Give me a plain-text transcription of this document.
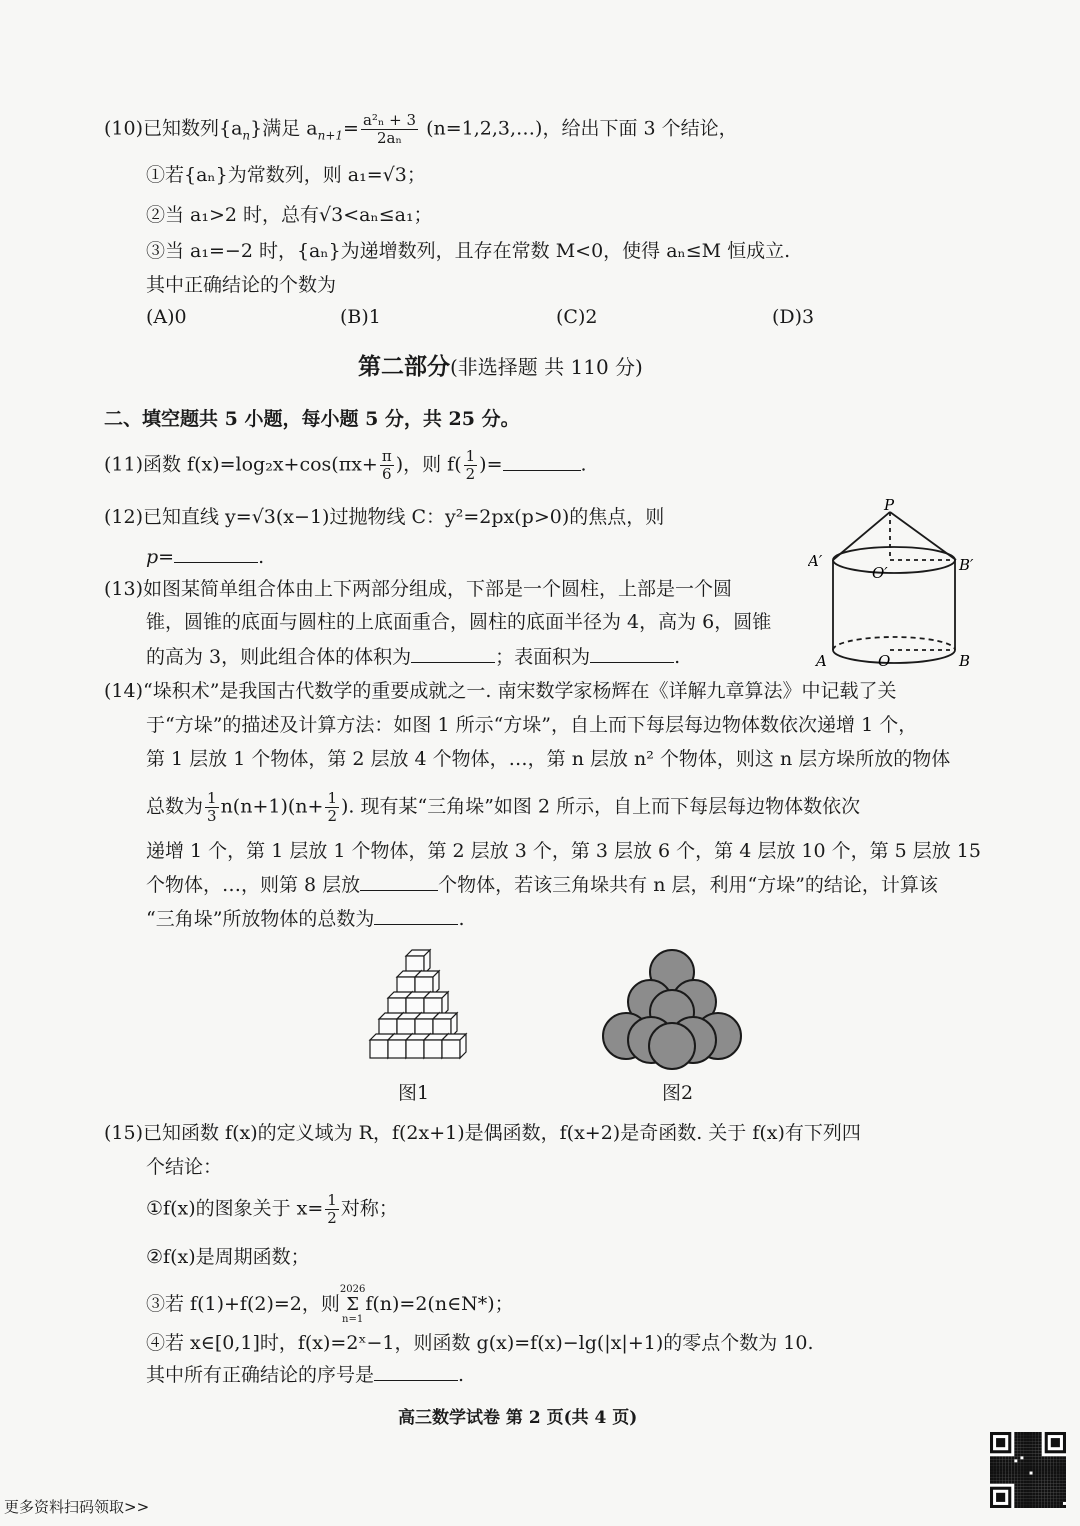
(10)已知数列$\{a_n\}$满足 $a_{n+1}= \frac{\text{a²ₙ + 3}}{\text{2aₙ}}$ (n=1,2,3,…)，给出下面 3 个结论，
①若{aₙ}为常数列，则 a₁=√3；
②当 a₁>2 时，总有√3<aₙ≤a₁；
③当 a₁=−2 时，{aₙ}为递增数列，且存在常数 M<0，使得 aₙ≤M 恒成立.
其中正确结论的个数为
(A)0	(B)1	(C)2	(D)3
第二部分(非选择题 共 110 分)
二、填空题共 5 小题，每小题 5 分，共 25 分。
(11)函数 $f(x)=\log_2x+\cos(\pi x+ \frac{\pi}{6}$ )，则 $f( \frac{1}{2}$ )=	.
(12)已知直线 y=√3(x−1)过抛物线 C：y²=2px(p>0)的焦点，则
p=	.
(13)如图某简单组合体由上下两部分组成，下部是一个圆柱，上部是一个圆
锥，圆锥的底面与圆柱的上底面重合，圆柱的底面半径为 4，高为 6，圆锥
的高为 3，则此组合体的体积为	；表面积为	.
P
A′
O′	B′
A	O	B
(14)“垛积术”是我国古代数学的重要成就之一. 南宋数学家杨辉在《详解九章算法》中记载了关
于“方垛”的描述及计算方法：如图 1 所示“方垛”，自上而下每层每边物体数依次递增 1 个，
第 1 层放 1 个物体，第 2 层放 4 个物体，…，第 n 层放 n² 个物体，则这 n 层方垛所放的物体
总数为 $\frac{1}{3} n(n+1)(n+ \frac{1}{2}$ ). 现有某“三角垛”如图 2 所示，自上而下每层每边物体数依次
递增 1 个，第 1 层放 1 个物体，第 2 层放 3 个，第 3 层放 6 个，第 4 层放 10 个，第 5 层放 15
个物体，…，则第 8 层放	个物体，若该三角垛共有 n 层，利用“方垛”的结论，计算该
“三角垛”所放物体的总数为	.
图1	图2
(15)已知函数 f(x)的定义域为 R，f(2x+1)是偶函数，f(x+2)是奇函数. 关于 f(x)有下列四
个结论：
①f(x)的图象关于 $x= \frac{1}{2}$ 对称；
②f(x)是周期函数；
③若 f(1)+f(2)=2，则
2026
Σ
n=1
f(n)=2(n∈N*)；
④若 x∈[0,1]时，f(x)=2ˣ−1，则函数 g(x)=f(x)−lg(|x|+1)的零点个数为 10.
其中所有正确结论的序号是	.
高三数学试卷 第 2 页(共 4 页)
更多资料扫码领取>>
